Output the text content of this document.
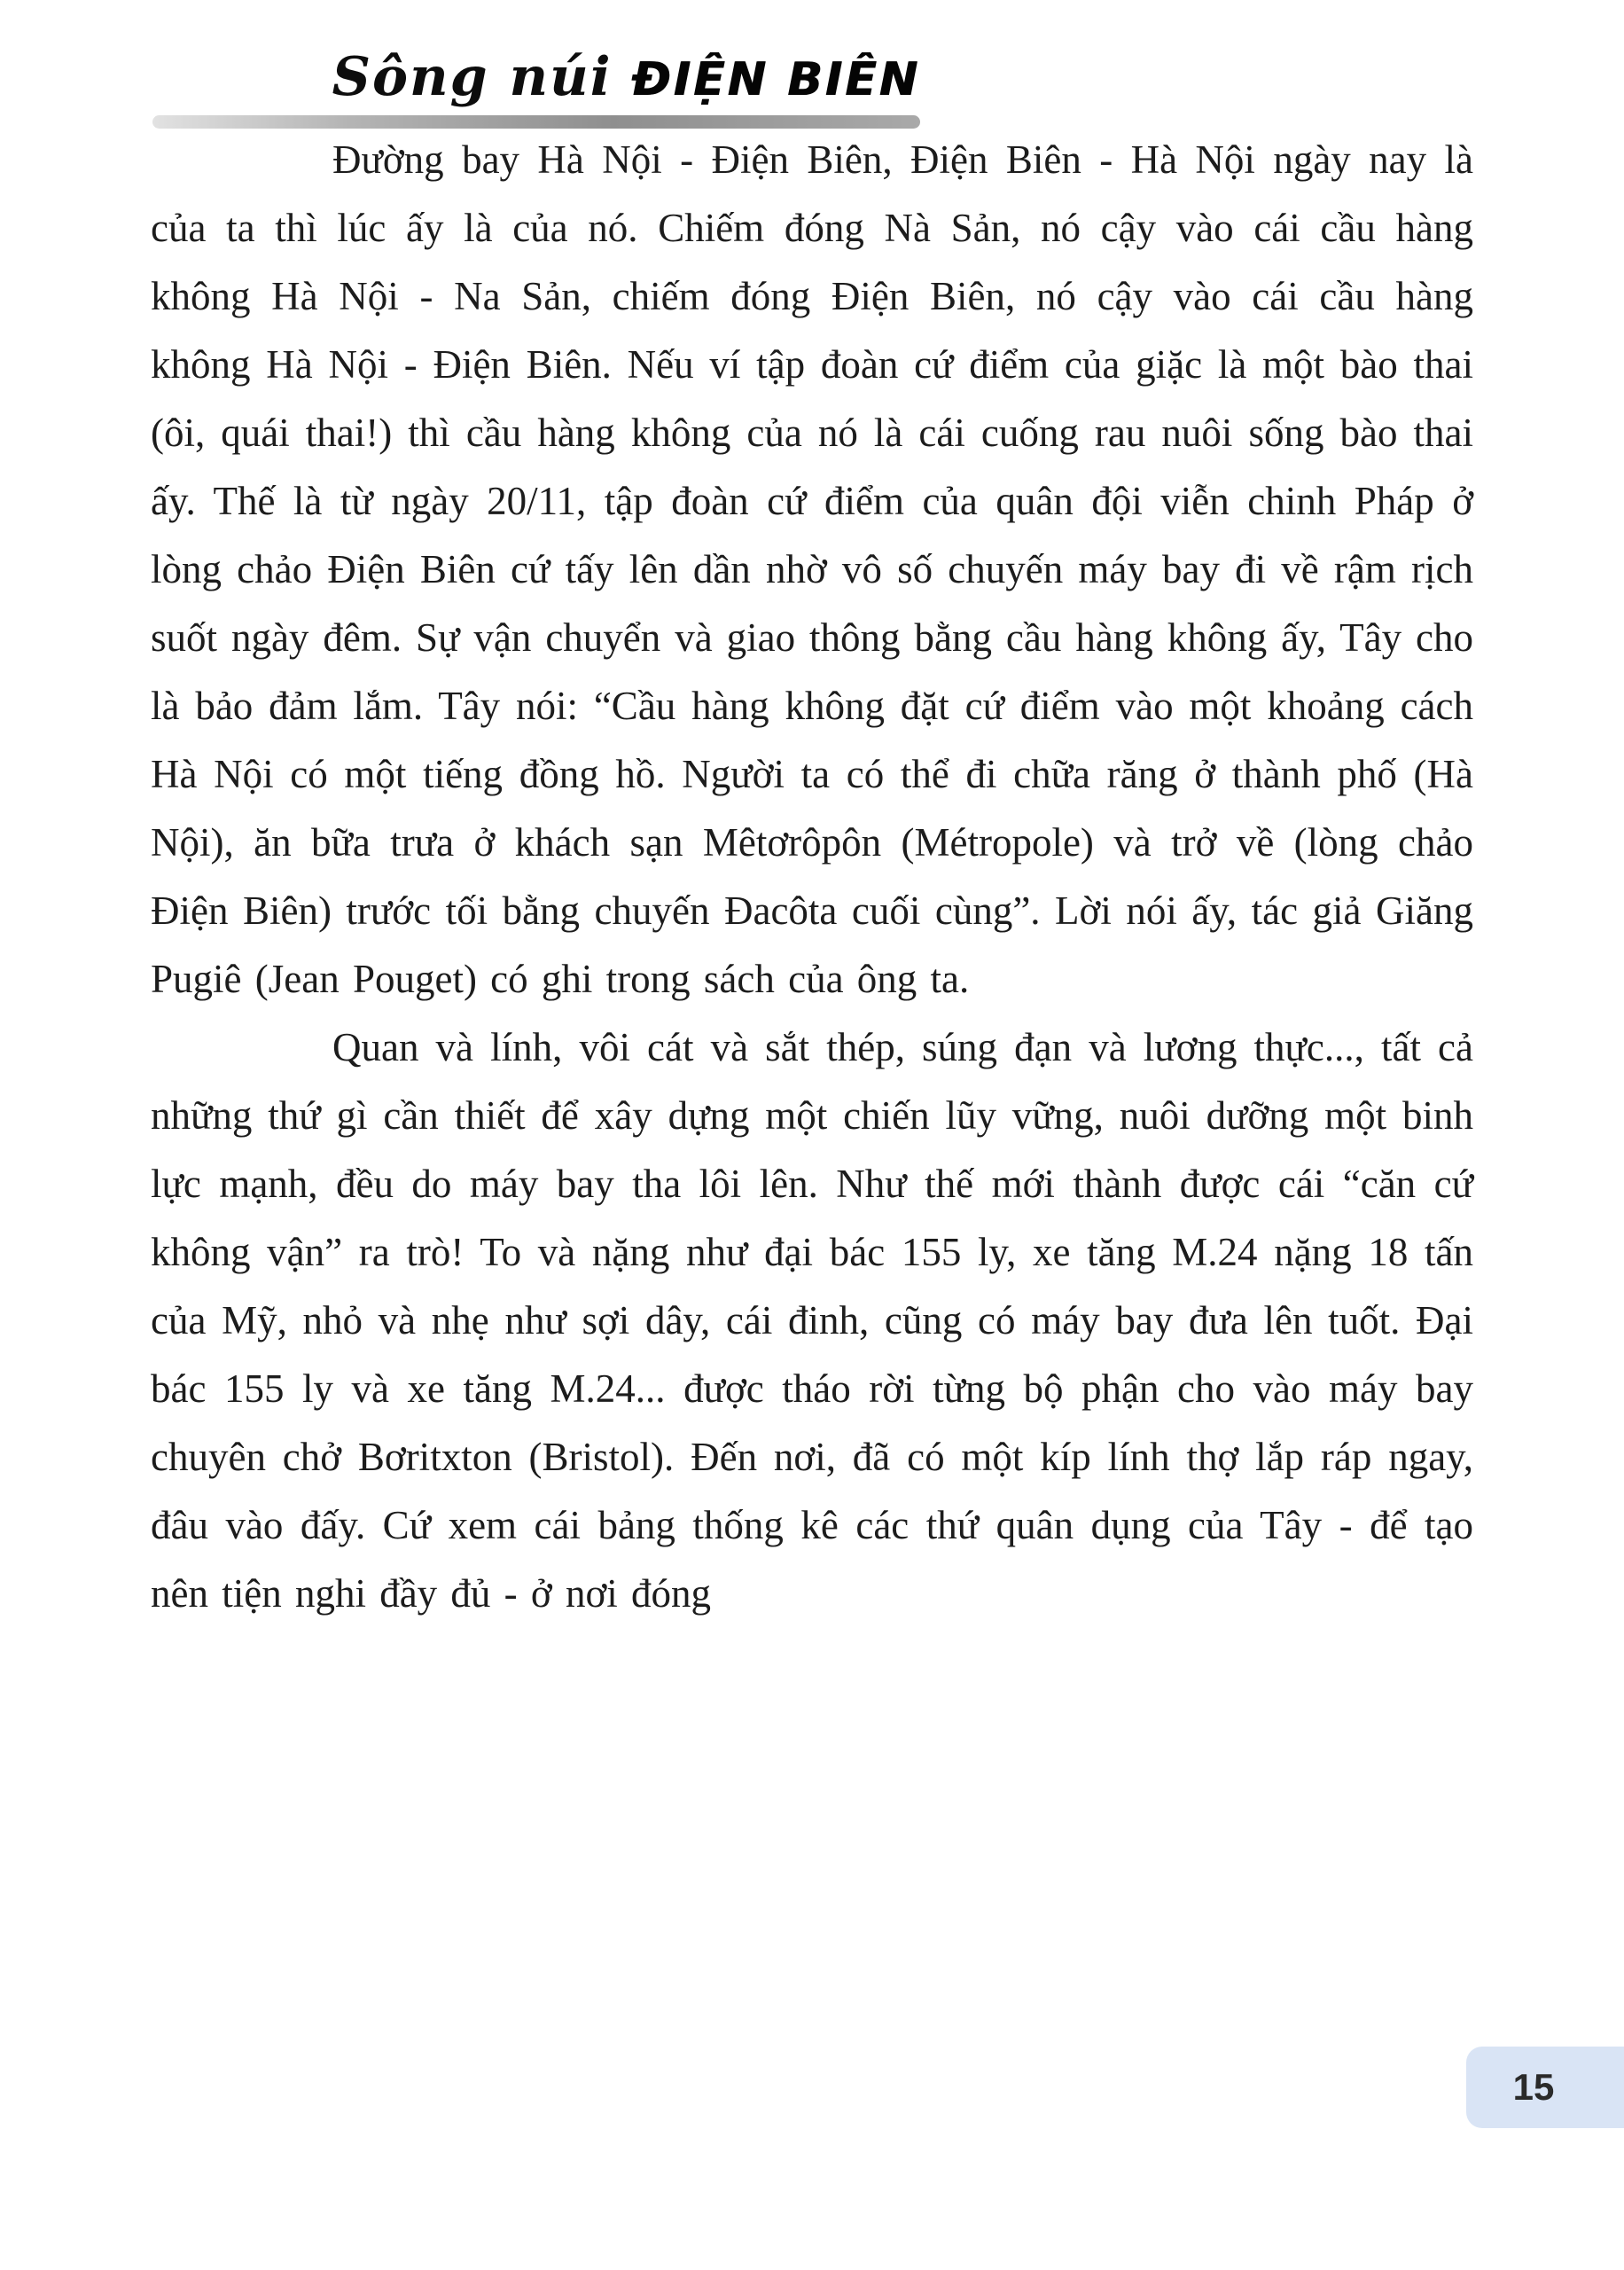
Sông núi ĐIỆN BIÊN

Đường bay Hà Nội - Điện Biên, Điện Biên - Hà Nội ngày nay là của ta thì lúc ấy là của nó. Chiếm đóng Nà Sản, nó cậy vào cái cầu hàng không Hà Nội - Na Sản, chiếm đóng Điện Biên, nó cậy vào cái cầu hàng không Hà Nội - Điện Biên. Nếu ví tập đoàn cứ điểm của giặc là một bào thai (ôi, quái thai!) thì cầu hàng không của nó là cái cuống rau nuôi sống bào thai ấy. Thế là từ ngày 20/11, tập đoàn cứ điểm của quân đội viễn chinh Pháp ở lòng chảo Điện Biên cứ tấy lên dần nhờ vô số chuyến máy bay đi về rậm rịch suốt ngày đêm. Sự vận chuyển và giao thông bằng cầu hàng không ấy, Tây cho là bảo đảm lắm. Tây nói: “Cầu hàng không đặt cứ điểm vào một khoảng cách Hà Nội có một tiếng đồng hồ. Người ta có thể đi chữa răng ở thành phố (Hà Nội), ăn bữa trưa ở khách sạn Mêtơrôpôn (Métropole) và trở về (lòng chảo Điện Biên) trước tối bằng chuyến Đacôta cuối cùng”. Lời nói ấy, tác giả Giăng Pugiê (Jean Pouget) có ghi trong sách của ông ta.

Quan và lính, vôi cát và sắt thép, súng đạn và lương thực..., tất cả những thứ gì cần thiết để xây dựng một chiến lũy vững, nuôi dưỡng một binh lực mạnh, đều do máy bay tha lôi lên. Như thế mới thành được cái “căn cứ không vận” ra trò! To và nặng như đại bác 155 ly, xe tăng M.24 nặng 18 tấn của Mỹ, nhỏ và nhẹ như sợi dây, cái đinh, cũng có máy bay đưa lên tuốt. Đại bác 155 ly và xe tăng M.24... được tháo rời từng bộ phận cho vào máy bay chuyên chở Bơritxton (Bristol). Đến nơi, đã có một kíp lính thợ lắp ráp ngay, đâu vào đấy. Cứ xem cái bảng thống kê các thứ quân dụng của Tây - để tạo nên tiện nghi đầy đủ - ở nơi đóng

15
